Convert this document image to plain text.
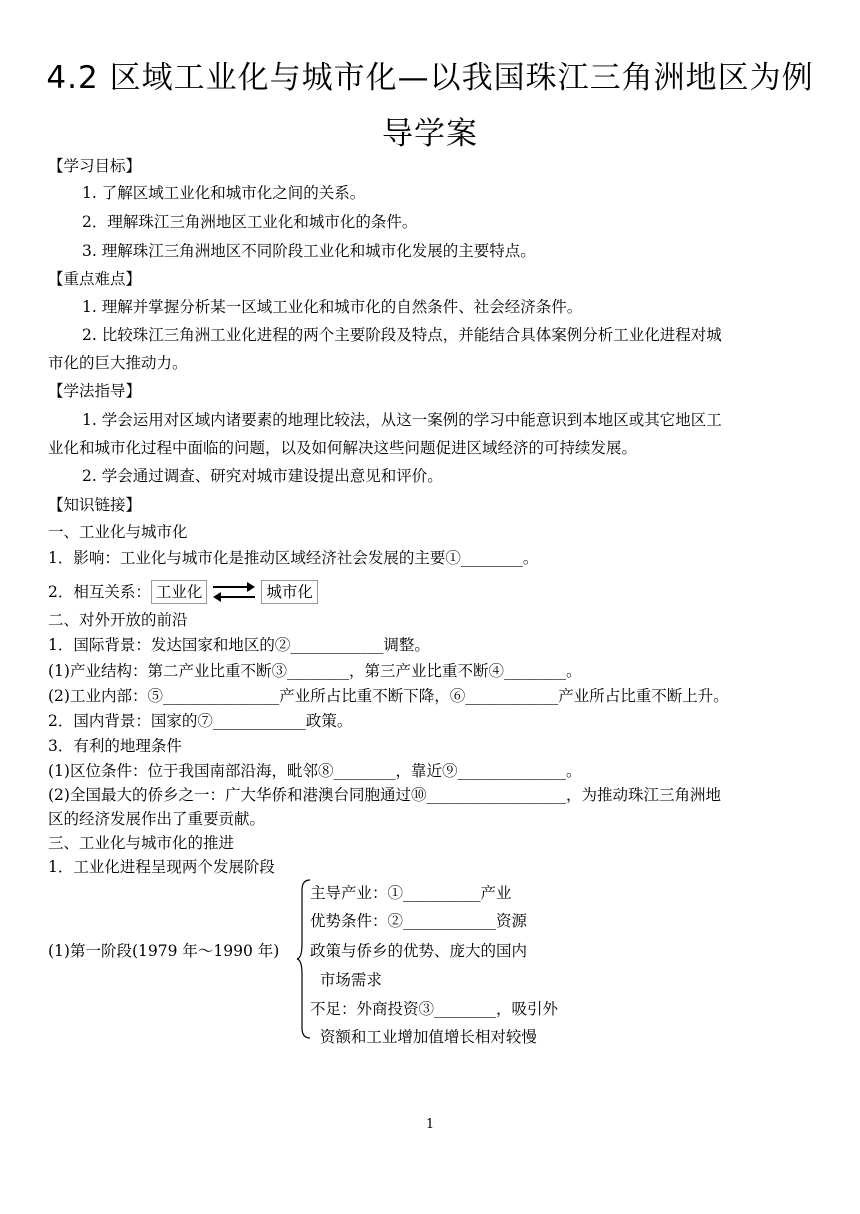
4.2 区域工业化与城市化—以我国珠江三角洲地区为例
导学案
【学习目标】
1. 了解区域工业化和城市化之间的关系。
2．理解珠江三角洲地区工业化和城市化的条件。
3. 理解珠江三角洲地区不同阶段工业化和城市化发展的主要特点。
【重点难点】
1. 理解并掌握分析某一区域工业化和城市化的自然条件、社会经济条件。
2. 比较珠江三角洲工业化进程的两个主要阶段及特点，并能结合具体案例分析工业化进程对城
市化的巨大推动力。
【学法指导】
1. 学会运用对区域内诸要素的地理比较法，从这一案例的学习中能意识到本地区或其它地区工
业化和城市化过程中面临的问题，以及如何解决这些问题促进区域经济的可持续发展。
2. 学会通过调查、研究对城市建设提出意见和评价。
【知识链接】
一、工业化与城市化
1．影响：工业化与城市化是推动区域经济社会发展的主要①________。
2．相互关系： 工业化	城市化
二、对外开放的前沿
1．国际背景：发达国家和地区的②____________调整。
(1)产业结构：第二产业比重不断③________，第三产业比重不断④________。
(2)工业内部：⑤_______________产业所占比重不断下降，⑥____________产业所占比重不断上升。
2．国内背景：国家的⑦____________政策。
3．有利的地理条件
(1)区位条件：位于我国南部沿海，毗邻⑧________，靠近⑨______________。
(2)全国最大的侨乡之一：广大华侨和港澳台同胞通过⑩__________________，为推动珠江三角洲地
区的经济发展作出了重要贡献。
三、工业化与城市化的推进
1．工业化进程呈现两个发展阶段
(1)第一阶段(1979 年～1990 年)
主导产业：①__________产业
优势条件：②____________资源
政策与侨乡的优势、庞大的国内
市场需求
不足：外商投资③________，吸引外
资额和工业增加值增长相对较慢
1
